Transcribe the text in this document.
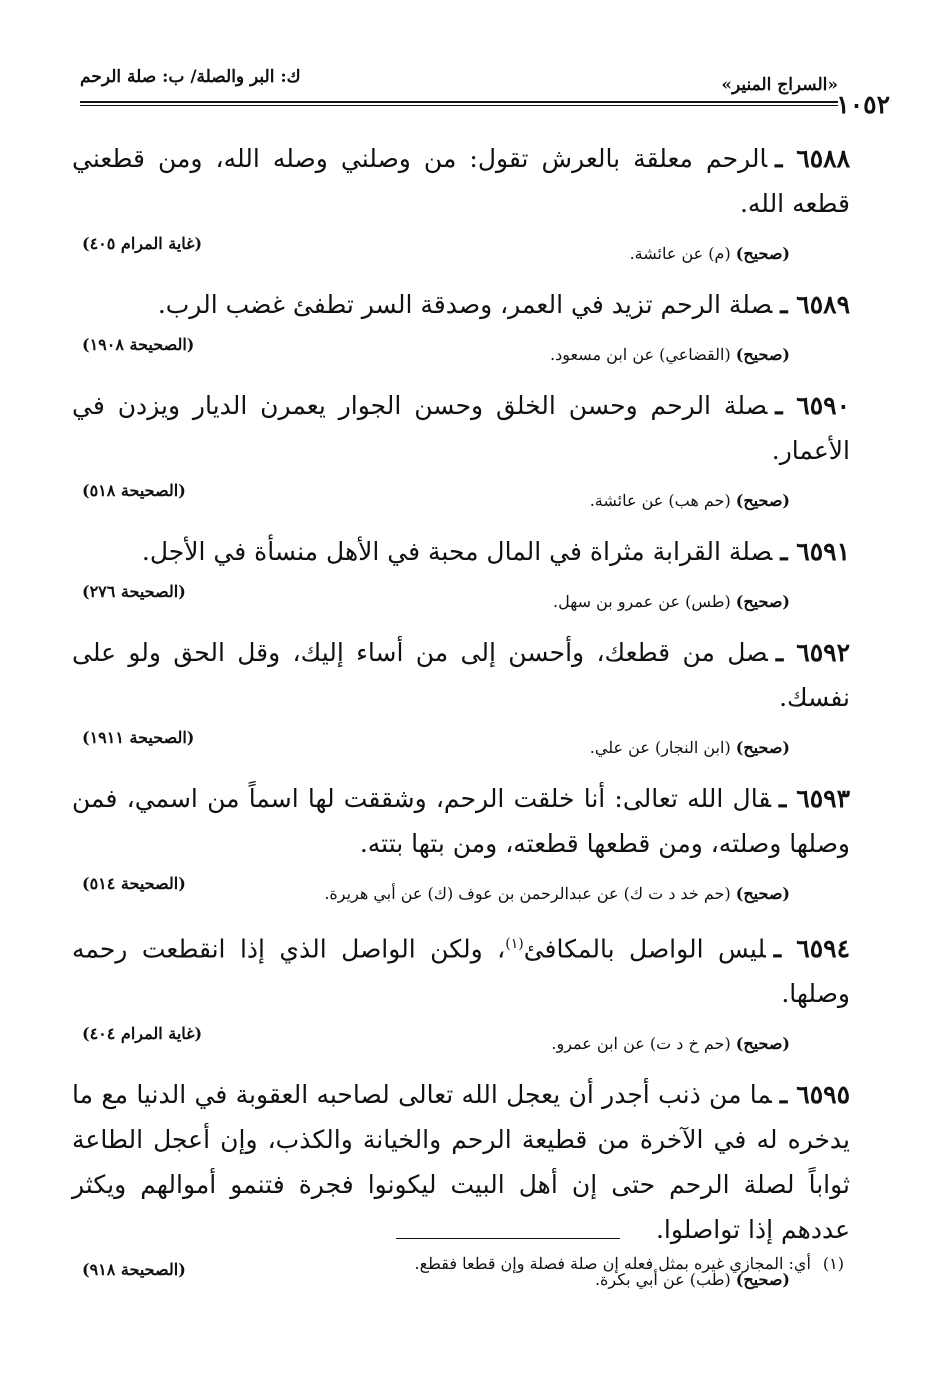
١٠٥٢
«السراج المنير»
ك: البر والصلة/ ب: صلة الرحم
٦٥٨٨ ـالرحم معلقة بالعرش تقول: من وصلني وصله الله، ومن قطعني قطعه الله.
(صحيح) (م) عن عائشة.
(غاية المرام ٤٠٥)
٦٥٨٩ ـصلة الرحم تزيد في العمر، وصدقة السر تطفئ غضب الرب.
(صحيح) (القضاعي) عن ابن مسعود.
(الصحيحة ١٩٠٨)
٦٥٩٠ ـصلة الرحم وحسن الخلق وحسن الجوار يعمرن الديار ويزدن في الأعمار.
(صحيح) (حم هب) عن عائشة.
(الصحيحة ٥١٨)
٦٥٩١ ـصلة القرابة مثراة في المال محبة في الأهل منسأة في الأجل.
(صحيح) (طس) عن عمرو بن سهل.
(الصحيحة ٢٧٦)
٦٥٩٢ ـصل من قطعك، وأحسن إلى من أساء إليك، وقل الحق ولو على نفسك.
(صحيح) (ابن النجار) عن علي.
(الصحيحة ١٩١١)
٦٥٩٣ ـقال الله تعالى: أنا خلقت الرحم، وشققت لها اسماً من اسمي، فمن وصلها وصلته، ومن قطعها قطعته، ومن بتها بتته.
(صحيح) (حم خد د ت ك) عن عبدالرحمن بن عوف (ك) عن أبي هريرة.
(الصحيحة ٥١٤)
٦٥٩٤ ـليس الواصل بالمكافئ$^{(١)}$، ولكن الواصل الذي إذا انقطعت رحمه وصلها.
(صحيح) (حم خ د ت) عن ابن عمرو.
(غاية المرام ٤٠٤)
٦٥٩٥ ـما من ذنب أجدر أن يعجل الله تعالى لصاحبه العقوبة في الدنيا مع ما يدخره له في الآخرة من قطيعة الرحم والخيانة والكذب، وإن أعجل الطاعة ثواباً لصلة الرحم حتى إن أهل البيت ليكونوا فجرة فتنمو أموالهم ويكثر عددهم إذا تواصلوا.
(صحيح) (طب) عن أبي بكرة.
(الصحيحة ٩١٨)	(١)أي: المجازي غيره بمثل فعله إن صلة فصلة وإن قطعا فقطع.
